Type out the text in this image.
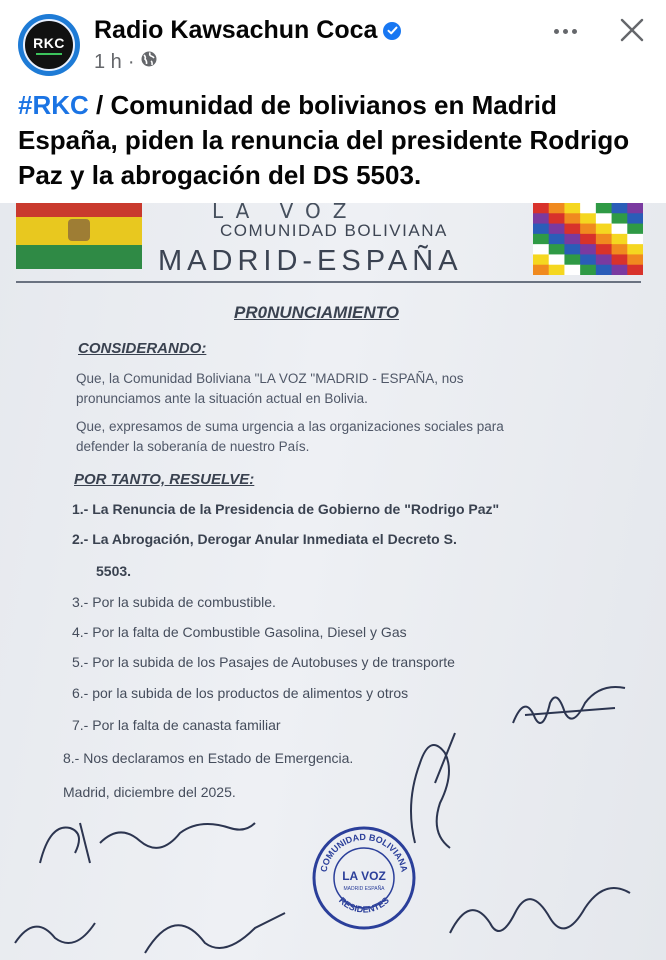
RKC Radio Kawsachun Coca
1 h ·
#RKC / Comunidad de bolivianos en Madrid España, piden la renuncia del presidente Rodrigo Paz y la abrogación del DS 5503.
LA VOZ
COMUNIDAD BOLIVIANA
MADRID-ESPAÑA
PR0NUNCIAMIENTO
CONSIDERANDO:
Que, la Comunidad Boliviana "LA VOZ "MADRID - ESPAÑA, nos
pronunciamos ante la situación actual en Bolivia.
Que, expresamos de suma urgencia a las organizaciones sociales para
defender la soberanía de nuestro País.
POR TANTO, RESUELVE:
1.- La Renuncia de la Presidencia de Gobierno de "Rodrigo Paz"
2.- La Abrogación, Derogar Anular Inmediata el Decreto S.
5503.
3.- Por la subida de combustible.
4.- Por la falta de Combustible Gasolina, Diesel y Gas
5.- Por la subida de los Pasajes de Autobuses y de transporte
6.- por la subida de los productos de alimentos y otros
7.- Por la falta de canasta familiar
8.- Nos declaramos en Estado de Emergencia.
Madrid, diciembre del 2025.
COMUNIDAD BOLIVIANA
LA VOZ
MADRID ESPAÑA
RESIDENTES
